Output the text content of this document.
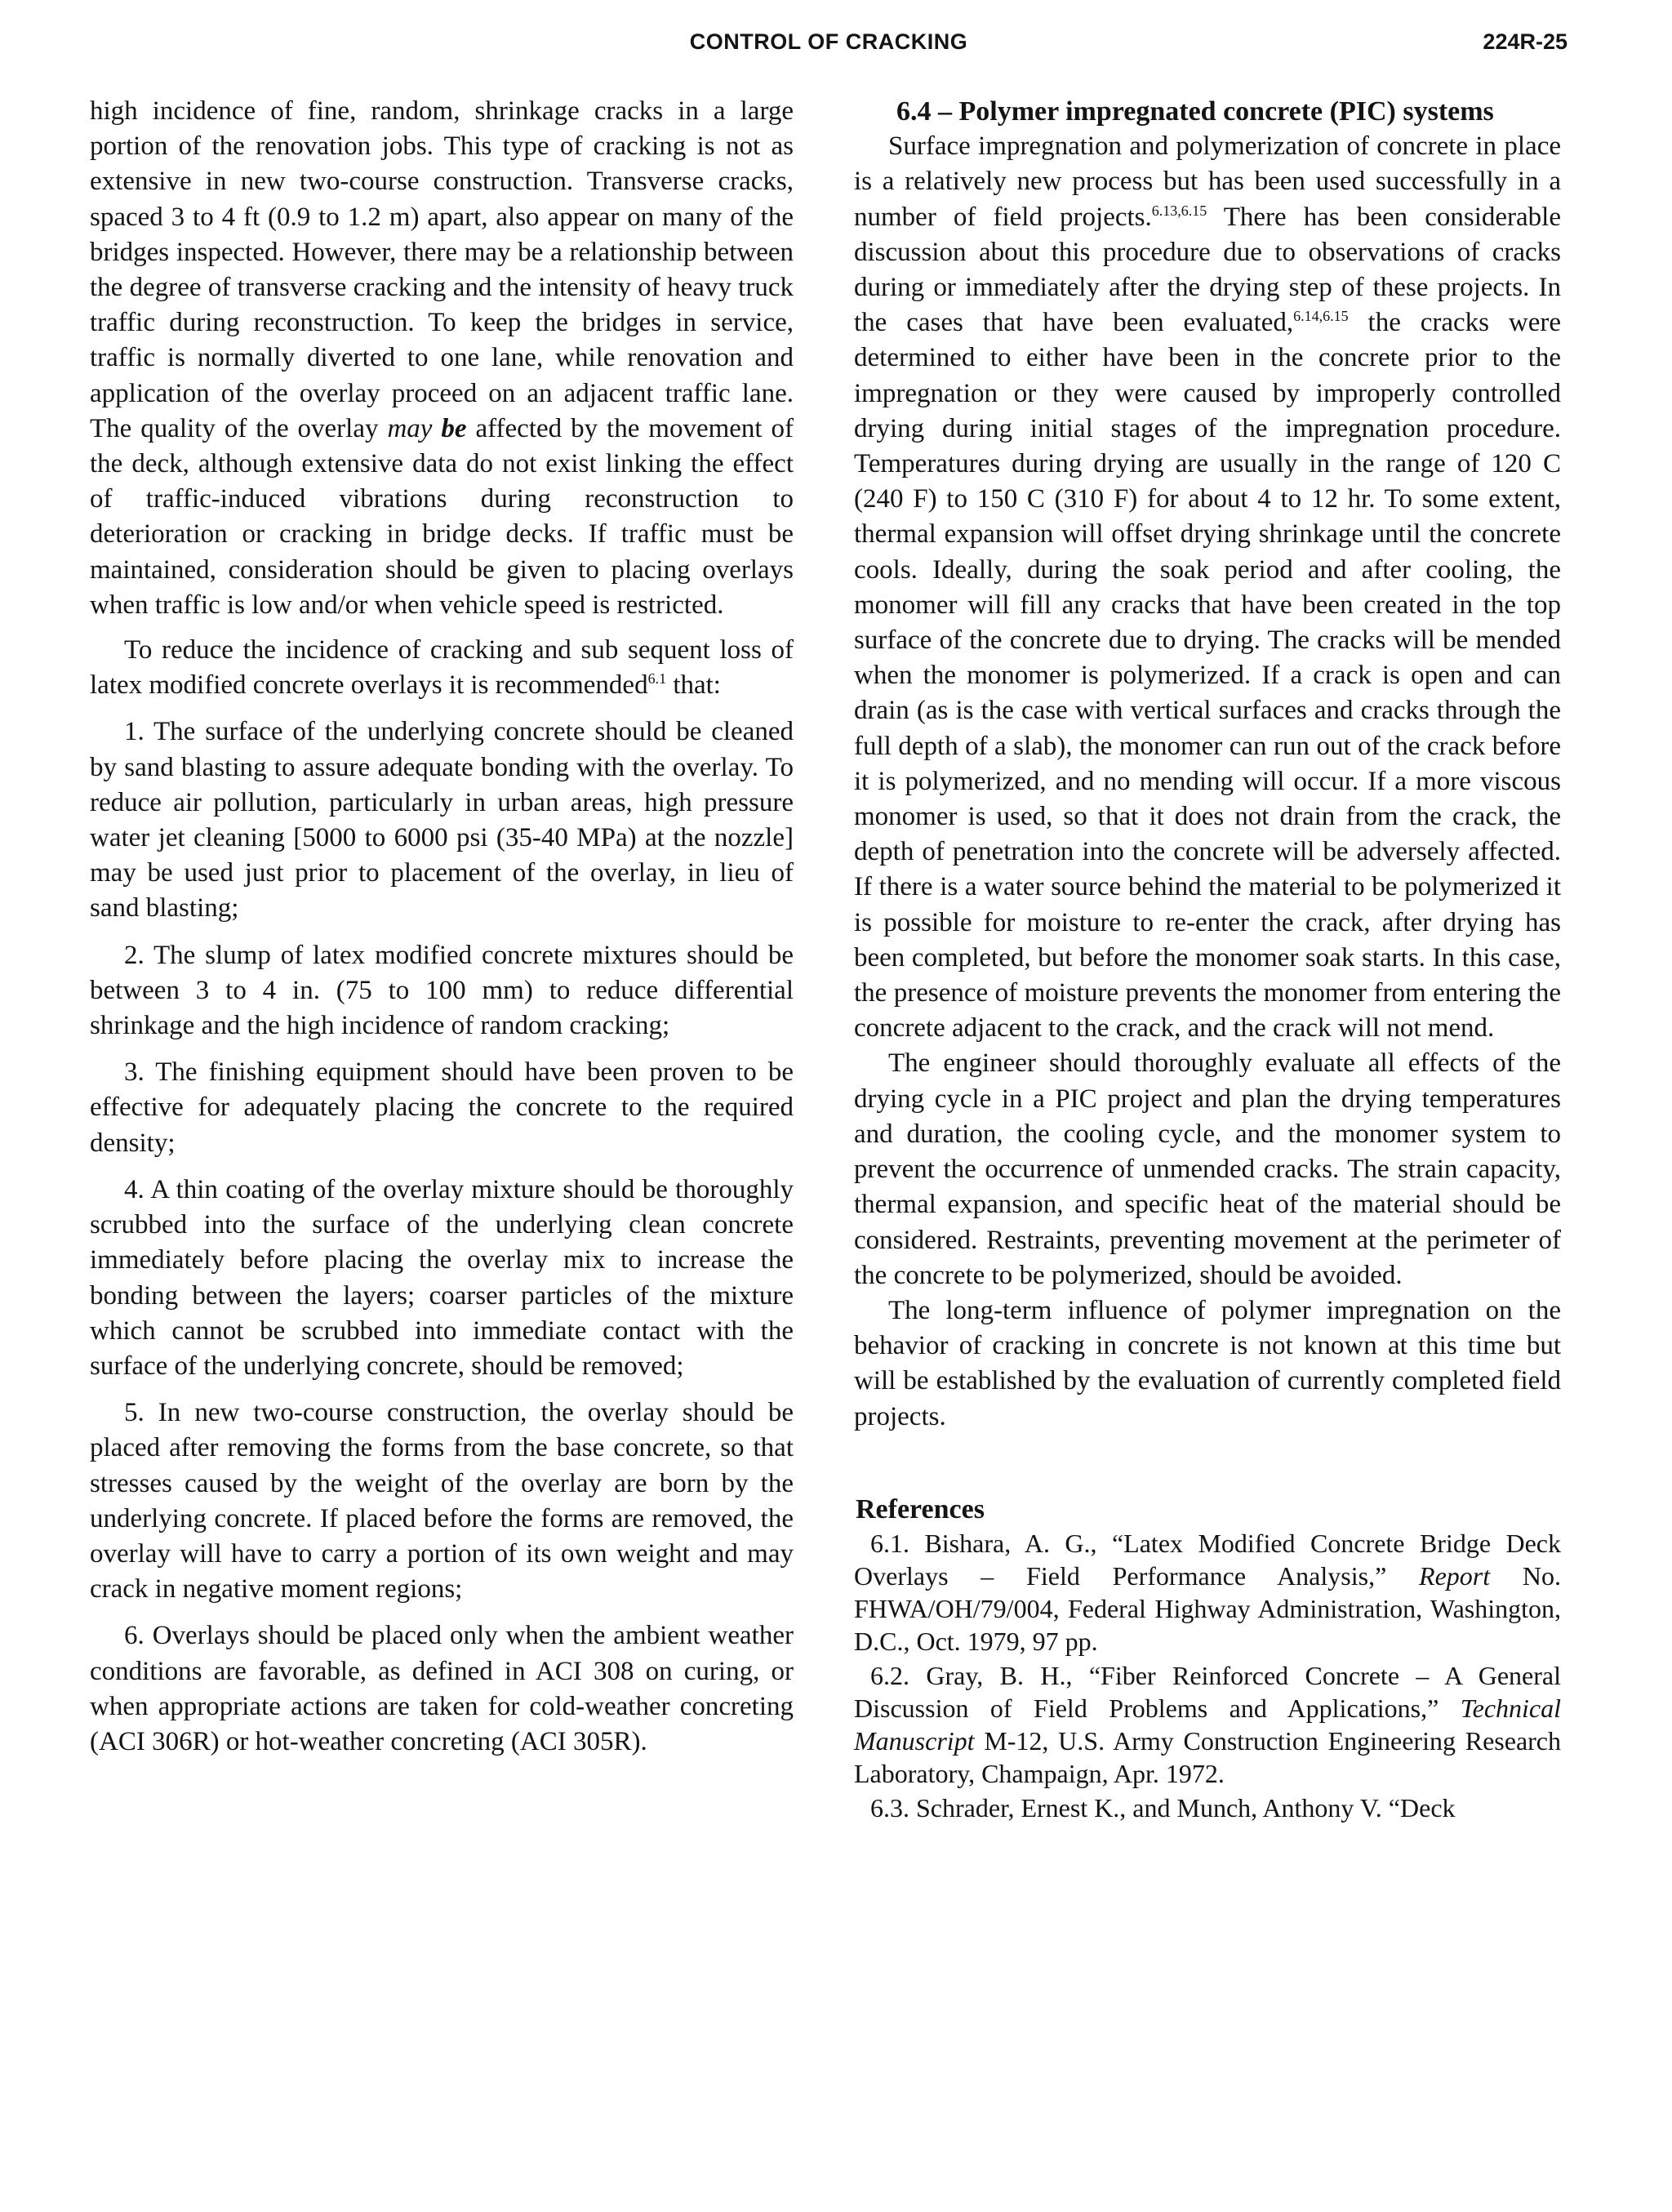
CONTROL OF CRACKING	224R-25

high incidence of fine, random, shrinkage cracks in a large portion of the renovation jobs. This type of cracking is not as extensive in new two-course construction. Transverse cracks, spaced 3 to 4 ft (0.9 to 1.2 m) apart, also appear on many of the bridges inspected. However, there may be a relationship between the degree of transverse cracking and the intensity of heavy truck traffic during reconstruction. To keep the bridges in service, traffic is normally diverted to one lane, while renovation and application of the overlay proceed on an adjacent traffic lane. The quality of the overlay may be affected by the movement of the deck, although extensive data do not exist linking the effect of traffic-induced vibrations during reconstruction to deterioration or cracking in bridge decks. If traffic must be maintained, consideration should be given to placing overlays when traffic is low and/or when vehicle speed is restricted.

To reduce the incidence of cracking and sub sequent loss of latex modified concrete overlays it is recommended$^{6.1}$ that:

1. The surface of the underlying concrete should be cleaned by sand blasting to assure adequate bonding with the overlay. To reduce air pollution, particularly in urban areas, high pressure water jet cleaning [5000 to 6000 psi (35-40 MPa) at the nozzle] may be used just prior to placement of the overlay, in lieu of sand blasting;

2. The slump of latex modified concrete mixtures should be between 3 to 4 in. (75 to 100 mm) to reduce differential shrinkage and the high incidence of random cracking;

3. The finishing equipment should have been proven to be effective for adequately placing the concrete to the required density;

4. A thin coating of the overlay mixture should be thoroughly scrubbed into the surface of the underlying clean concrete immediately before placing the overlay mix to increase the bonding between the layers; coarser particles of the mixture which cannot be scrubbed into immediate contact with the surface of the underlying concrete, should be removed;

5. In new two-course construction, the overlay should be placed after removing the forms from the base concrete, so that stresses caused by the weight of the overlay are born by the underlying concrete. If placed before the forms are removed, the overlay will have to carry a portion of its own weight and may crack in negative moment regions;

6. Overlays should be placed only when the ambient weather conditions are favorable, as defined in ACI 308 on curing, or when appropriate actions are taken for cold-weather concreting (ACI 306R) or hot-weather concreting (ACI 305R).

6.4 – Polymer impregnated concrete (PIC) systems

Surface impregnation and polymerization of concrete in place is a relatively new process but has been used successfully in a number of field projects.$^{6.13,6.15}$ There has been considerable discussion about this procedure due to observations of cracks during or immediately after the drying step of these projects. In the cases that have been evaluated,$^{6.14,6.15}$ the cracks were determined to either have been in the concrete prior to the impregnation or they were caused by improperly controlled drying during initial stages of the impregnation procedure. Temperatures during drying are usually in the range of 120 C (240 F) to 150 C (310 F) for about 4 to 12 hr. To some extent, thermal expansion will offset drying shrinkage until the concrete cools. Ideally, during the soak period and after cooling, the monomer will fill any cracks that have been created in the top surface of the concrete due to drying. The cracks will be mended when the monomer is polymerized. If a crack is open and can drain (as is the case with vertical surfaces and cracks through the full depth of a slab), the monomer can run out of the crack before it is polymerized, and no mending will occur. If a more viscous monomer is used, so that it does not drain from the crack, the depth of penetration into the concrete will be adversely affected. If there is a water source behind the material to be polymerized it is possible for moisture to re-enter the crack, after drying has been completed, but before the monomer soak starts. In this case, the presence of moisture prevents the monomer from entering the concrete adjacent to the crack, and the crack will not mend.

The engineer should thoroughly evaluate all effects of the drying cycle in a PIC project and plan the drying temperatures and duration, the cooling cycle, and the monomer system to prevent the occurrence of unmended cracks. The strain capacity, thermal expansion, and specific heat of the material should be considered. Restraints, preventing movement at the perimeter of the concrete to be polymerized, should be avoided.

The long-term influence of polymer impregnation on the behavior of cracking in concrete is not known at this time but will be established by the evaluation of currently completed field projects.

References

6.1. Bishara, A. G., “Latex Modified Concrete Bridge Deck Overlays – Field Performance Analysis,” Report No. FHWA/OH/79/004, Federal Highway Administration, Washington, D.C., Oct. 1979, 97 pp.

6.2. Gray, B. H., “Fiber Reinforced Concrete – A General Discussion of Field Problems and Applications,” Technical Manuscript M-12, U.S. Army Construction Engineering Research Laboratory, Champaign, Apr. 1972.

6.3. Schrader, Ernest K., and Munch, Anthony V. “Deck
